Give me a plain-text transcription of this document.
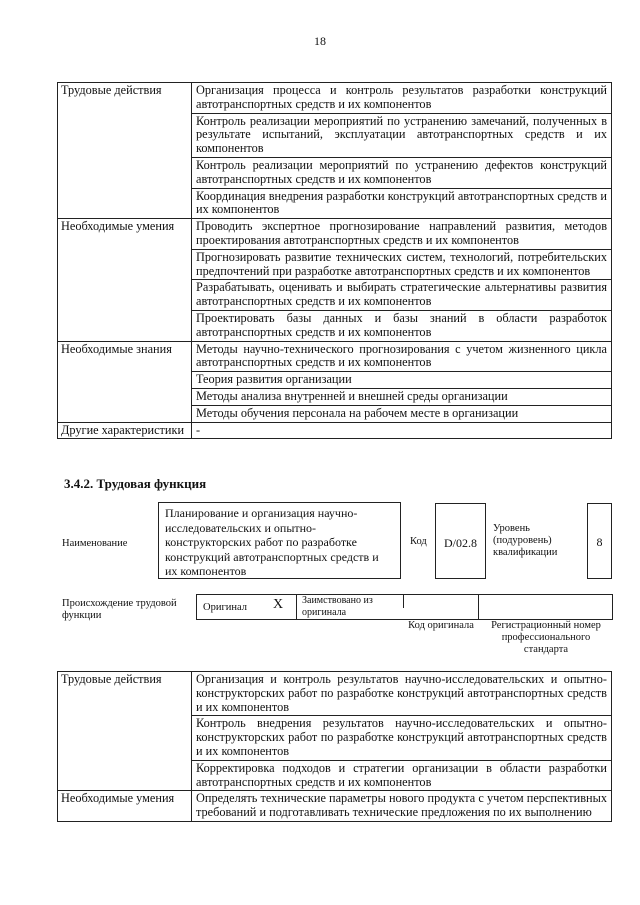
18
Трудовые действия	Организация процесса и контроль результатов разработки конструкций автотранспортных средств и их компонентов
	Контроль реализации мероприятий по устранению замечаний, полученных в результате испытаний, эксплуатации автотранспортных средств и их компонентов
	Контроль реализации мероприятий по устранению дефектов конструкций автотранспортных средств и их компонентов
	Координация внедрения разработки конструкций автотранспортных средств и их компонентов
Необходимые умения	Проводить экспертное прогнозирование направлений развития, методов проектирования автотранспортных средств и их компонентов
	Прогнозировать развитие технических систем, технологий, потребительских предпочтений при разработке автотранспортных средств и их компонентов
	Разрабатывать, оценивать и выбирать стратегические альтернативы развития автотранспортных средств и их компонентов
	Проектировать базы данных и базы знаний в области разработок автотранспортных средств и их компонентов
Необходимые знания	Методы научно-технического прогнозирования с учетом жизненного цикла автотранспортных средств и их компонентов
	Теория развития организации
	Методы анализа внутренней и внешней среды организации
	Методы обучения персонала на рабочем месте в организации
Другие характеристики	-
3.4.2. Трудовая функция
Наименование
Планирование и организация научно-исследовательских и опытно-конструкторских работ по разработке конструкций автотранспортных средств и их компонентов
Код	D/02.8
Уровень (подуровень) квалификации
8
Происхождение трудовой функции
Оригинал X Заимствовано из оригинала
Код оригинала	Регистрационный номер профессионального стандарта
Трудовые действия	Организация и контроль результатов научно-исследовательских и опытно-конструкторских работ по разработке конструкций автотранспортных средств и их компонентов
	Контроль внедрения результатов научно-исследовательских и опытно-конструкторских работ по разработке конструкций автотранспортных средств и их компонентов
	Корректировка подходов и стратегии организации в области разработки автотранспортных средств и их компонентов
Необходимые умения	Определять технические параметры нового продукта с учетом перспективных требований и подготавливать технические предложения по их выполнению
